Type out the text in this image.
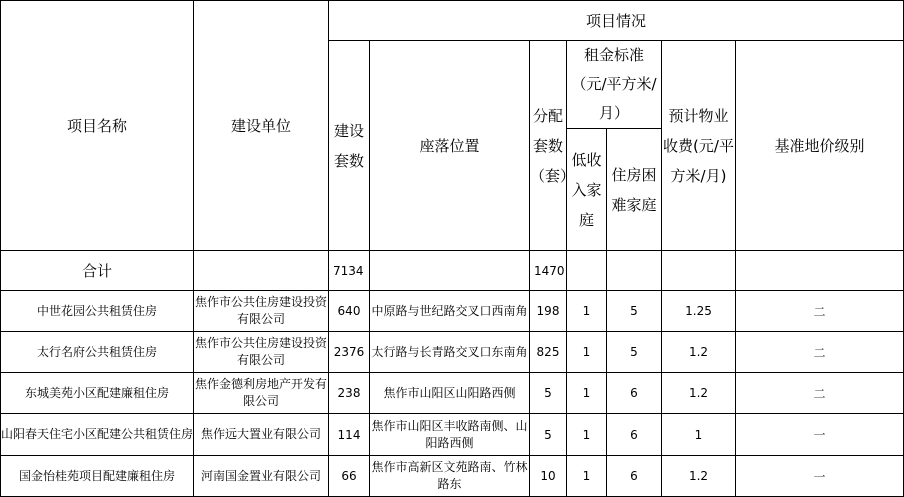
项目名称	建设单位	项目情况						
		建设套数	座落位置	分配套数（套）	租金标准（元/平方米/月）		预计物业收费(元/平方米/月)	基准地价级别
					低收入家庭	住房困难家庭		
合计		7134		1470				
中世花园公共租赁住房	焦作市公共住房建设投资有限公司	640	中原路与世纪路交叉口西南角	198	1	5	1.25	二
太行名府公共租赁住房	焦作市公共住房建设投资有限公司	2376	太行路与长青路交叉口东南角	825	1	5	1.2	二
东城美苑小区配建廉租住房	焦作金德利房地产开发有限公司	238	焦作市山阳区山阳路西侧	5	1	6	1.2	二
山阳春天住宅小区配建公共租赁住房	焦作远大置业有限公司	114	焦作市山阳区丰收路南侧、山阳路西侧	5	1	6	1	一
国金怡桂苑项目配建廉租住房	河南国金置业有限公司	66	焦作市高新区文苑路南、竹林路东	10	1	6	1.2	一
